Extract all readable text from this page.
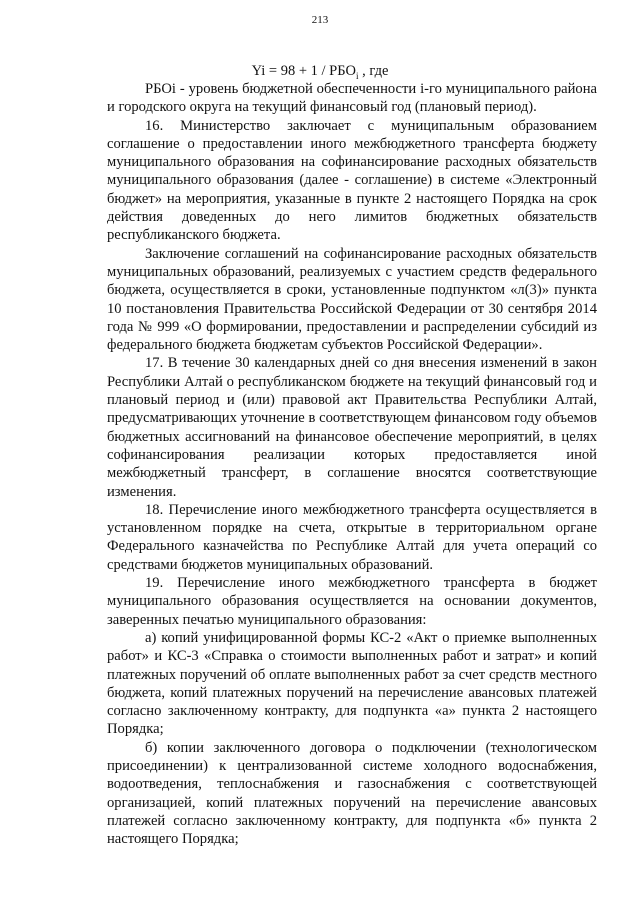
213
$Yi = 98 + 1 / РБО_i$ , где

РБОi - уровень бюджетной обеспеченности i-го муниципального района и городского округа на текущий финансовый год (плановый период).

16. Министерство заключает с муниципальным образованием соглашение о предоставлении иного межбюджетного трансферта бюджету муниципального образования на софинансирование расходных обязательств муниципального образования (далее - соглашение) в системе «Электронный бюджет» на мероприятия, указанные в пункте 2 настоящего Порядка на срок действия доведенных до него лимитов бюджетных обязательств республиканского бюджета.

Заключение соглашений на софинансирование расходных обязательств муниципальных образований, реализуемых с участием средств федерального бюджета, осуществляется в сроки, установленные подпунктом «л(3)» пункта 10 постановления Правительства Российской Федерации от 30 сентября 2014 года № 999 «О формировании, предоставлении и распределении субсидий из федерального бюджета бюджетам субъектов Российской Федерации».

17. В течение 30 календарных дней со дня внесения изменений в закон Республики Алтай о республиканском бюджете на текущий финансовый год и плановый период и (или) правовой акт Правительства Республики Алтай, предусматривающих уточнение в соответствующем финансовом году объемов бюджетных ассигнований на финансовое обеспечение мероприятий, в целях софинансирования реализации которых предоставляется иной межбюджетный трансферт, в соглашение вносятся соответствующие изменения.

18. Перечисление иного межбюджетного трансферта осуществляется в установленном порядке на счета, открытые в территориальном органе Федерального казначейства по Республике Алтай для учета операций со средствами бюджетов муниципальных образований.

19. Перечисление иного межбюджетного трансферта в бюджет муниципального образования осуществляется на основании документов, заверенных печатью муниципального образования:

а) копий унифицированной формы КС-2 «Акт о приемке выполненных работ» и КС-3 «Справка о стоимости выполненных работ и затрат» и копий платежных поручений об оплате выполненных работ за счет средств местного бюджета, копий платежных поручений на перечисление авансовых платежей согласно заключенному контракту, для подпункта «а» пункта 2 настоящего Порядка;

б) копии заключенного договора о подключении (технологическом присоединении) к централизованной системе холодного водоснабжения, водоотведения, теплоснабжения и газоснабжения с соответствующей организацией, копий платежных поручений на перечисление авансовых платежей согласно заключенному контракту, для подпункта «б» пункта 2 настоящего Порядка;
